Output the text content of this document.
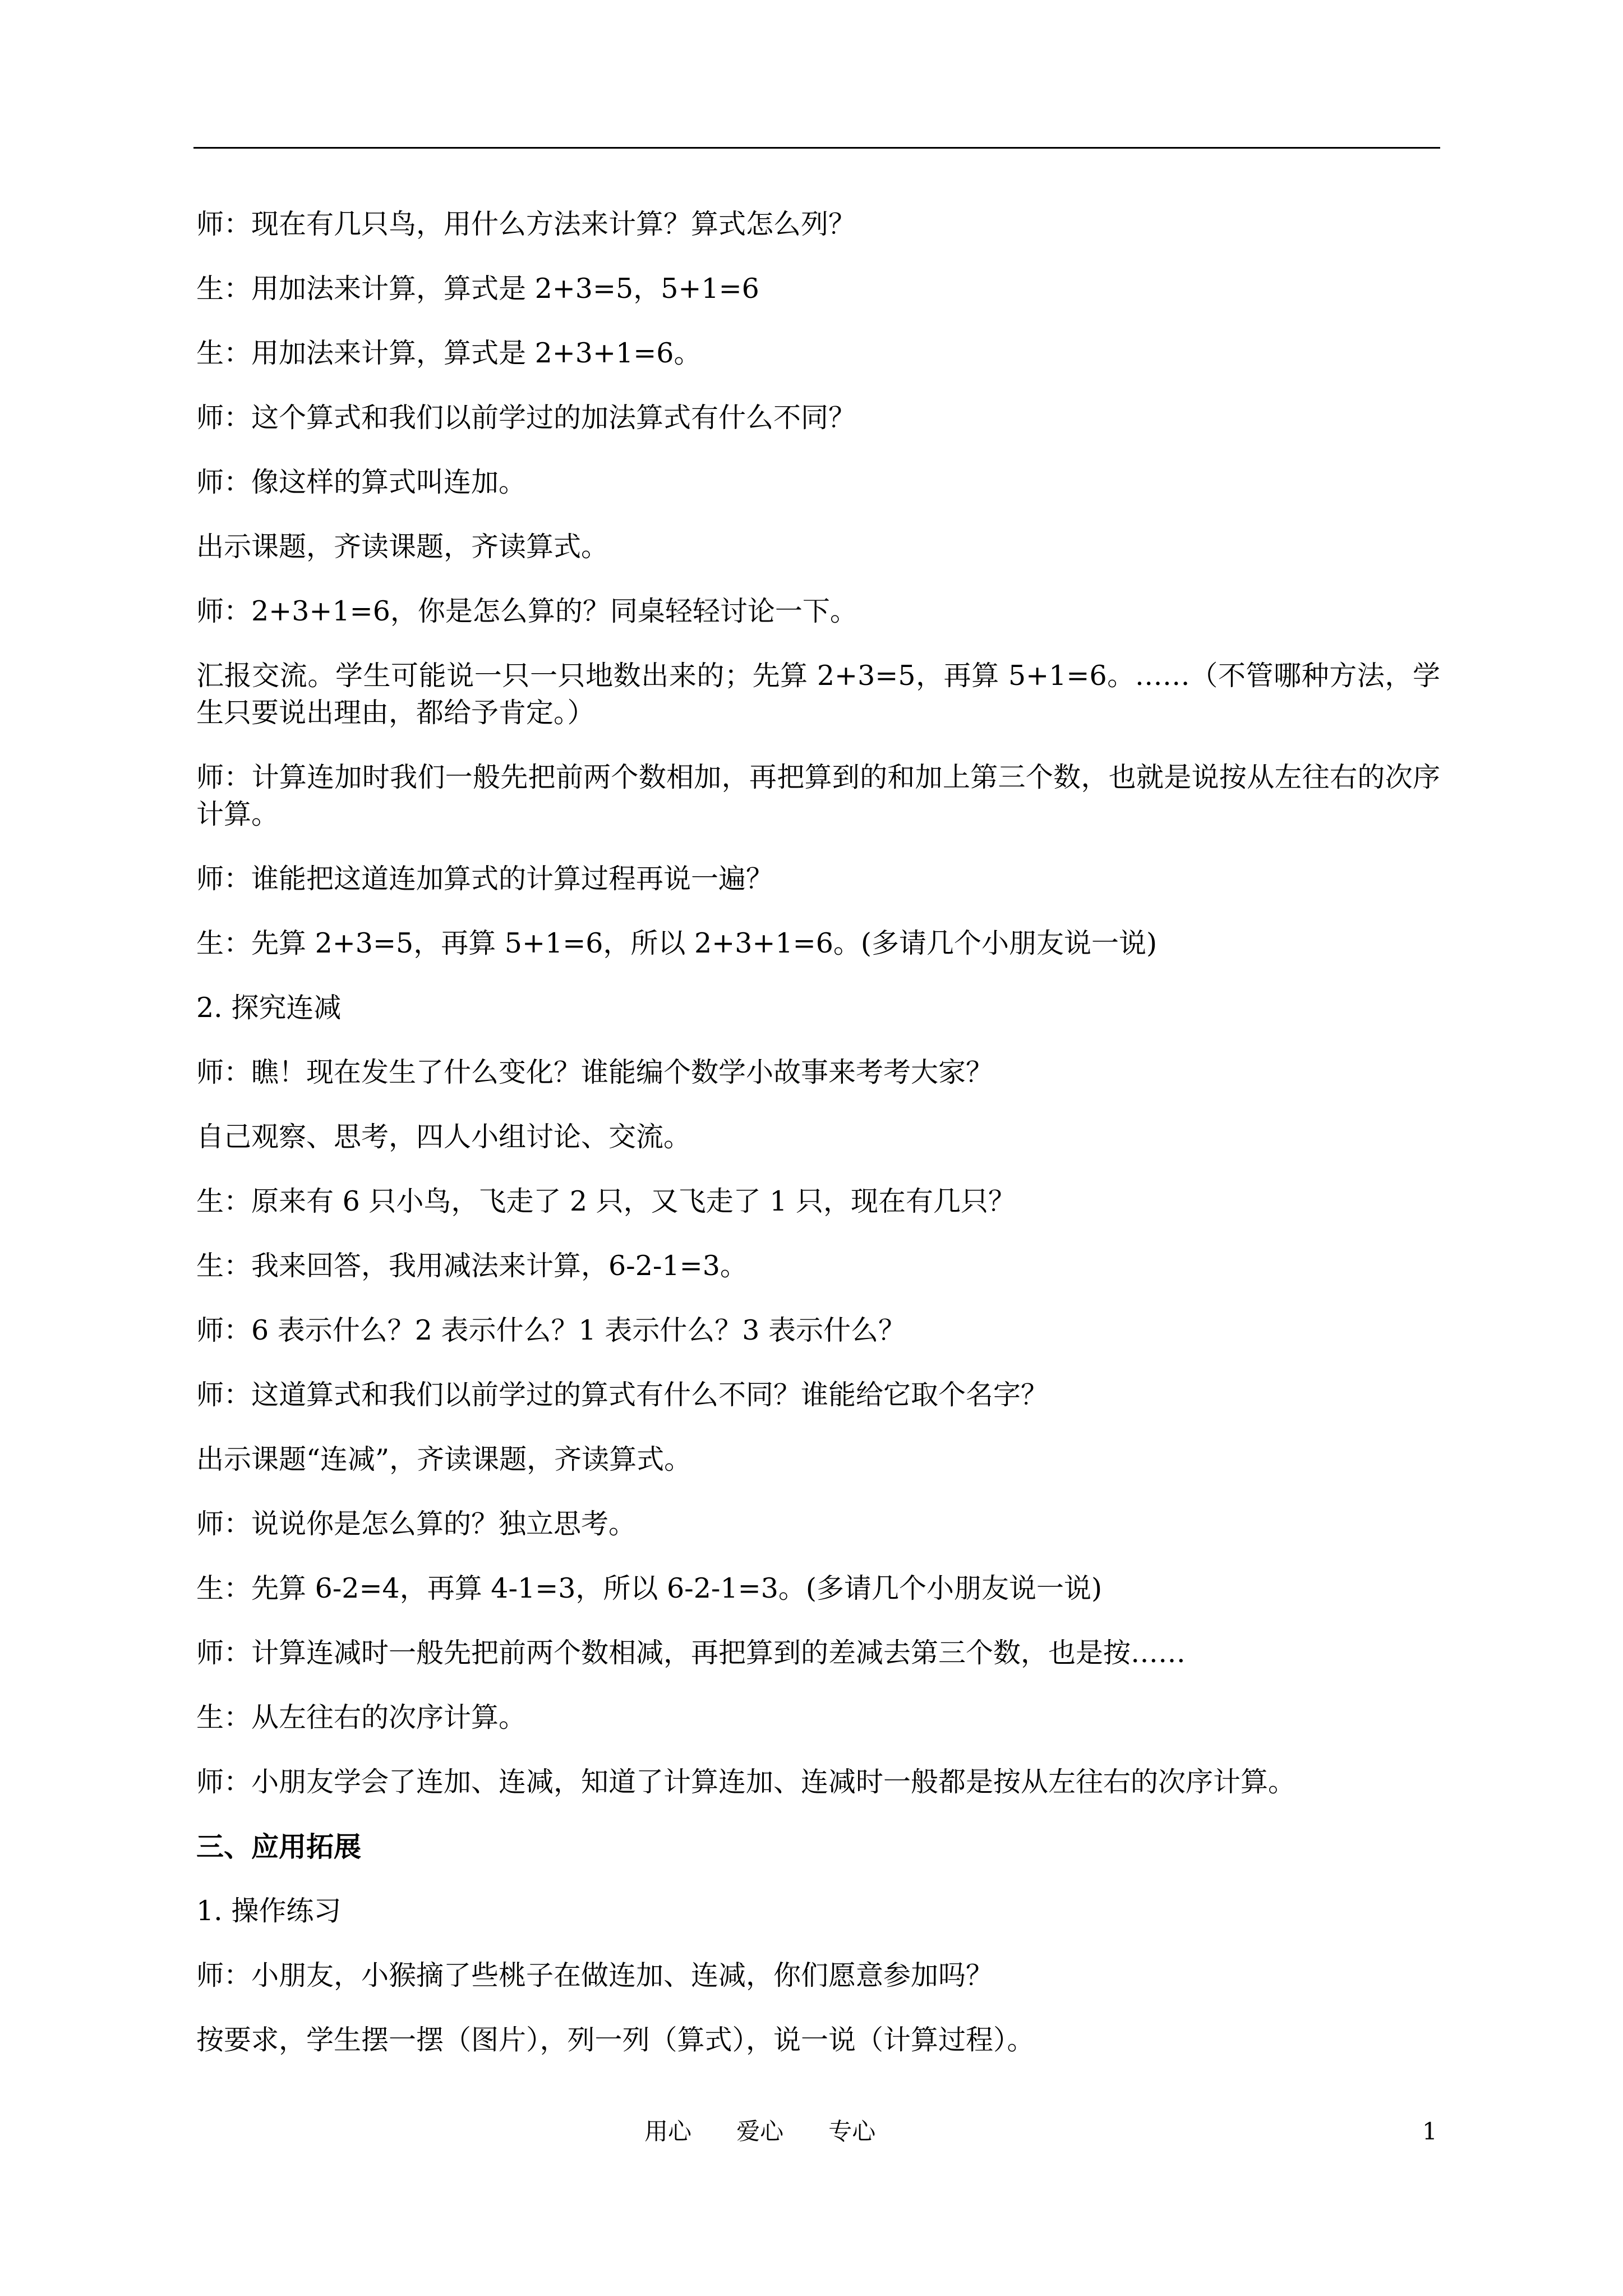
师：现在有几只鸟，用什么方法来计算？算式怎么列？

生：用加法来计算，算式是 2+3=5，5+1=6

生：用加法来计算，算式是 2+3+1=6。

师：这个算式和我们以前学过的加法算式有什么不同？

师：像这样的算式叫连加。

出示课题，齐读课题，齐读算式。

师：2+3+1=6，你是怎么算的？同桌轻轻讨论一下。

汇报交流。学生可能说一只一只地数出来的；先算 2+3=5，再算 5+1=6。……（不管哪种方法，学生只要说出理由，都给予肯定。）

师：计算连加时我们一般先把前两个数相加，再把算到的和加上第三个数，也就是说按从左往右的次序计算。

师：谁能把这道连加算式的计算过程再说一遍？

生：先算 2+3=5，再算 5+1=6，所以 2+3+1=6。(多请几个小朋友说一说)

2. 探究连减

师：瞧！现在发生了什么变化？谁能编个数学小故事来考考大家？

自己观察、思考，四人小组讨论、交流。

生：原来有 6 只小鸟，飞走了 2 只，又飞走了 1 只，现在有几只？

生：我来回答，我用减法来计算，6-2-1=3。

师：6 表示什么？2 表示什么？1 表示什么？3 表示什么？

师：这道算式和我们以前学过的算式有什么不同？谁能给它取个名字？

出示课题“连减”，齐读课题，齐读算式。

师：说说你是怎么算的？独立思考。

生：先算 6-2=4，再算 4-1=3，所以 6-2-1=3。(多请几个小朋友说一说)

师：计算连减时一般先把前两个数相减，再把算到的差减去第三个数，也是按……

生：从左往右的次序计算。

师：小朋友学会了连加、连减，知道了计算连加、连减时一般都是按从左往右的次序计算。

三、应用拓展

1. 操作练习

师：小朋友，小猴摘了些桃子在做连加、连减，你们愿意参加吗？

按要求，学生摆一摆（图片），列一列（算式），说一说（计算过程）。

用心      爱心      专心	1
